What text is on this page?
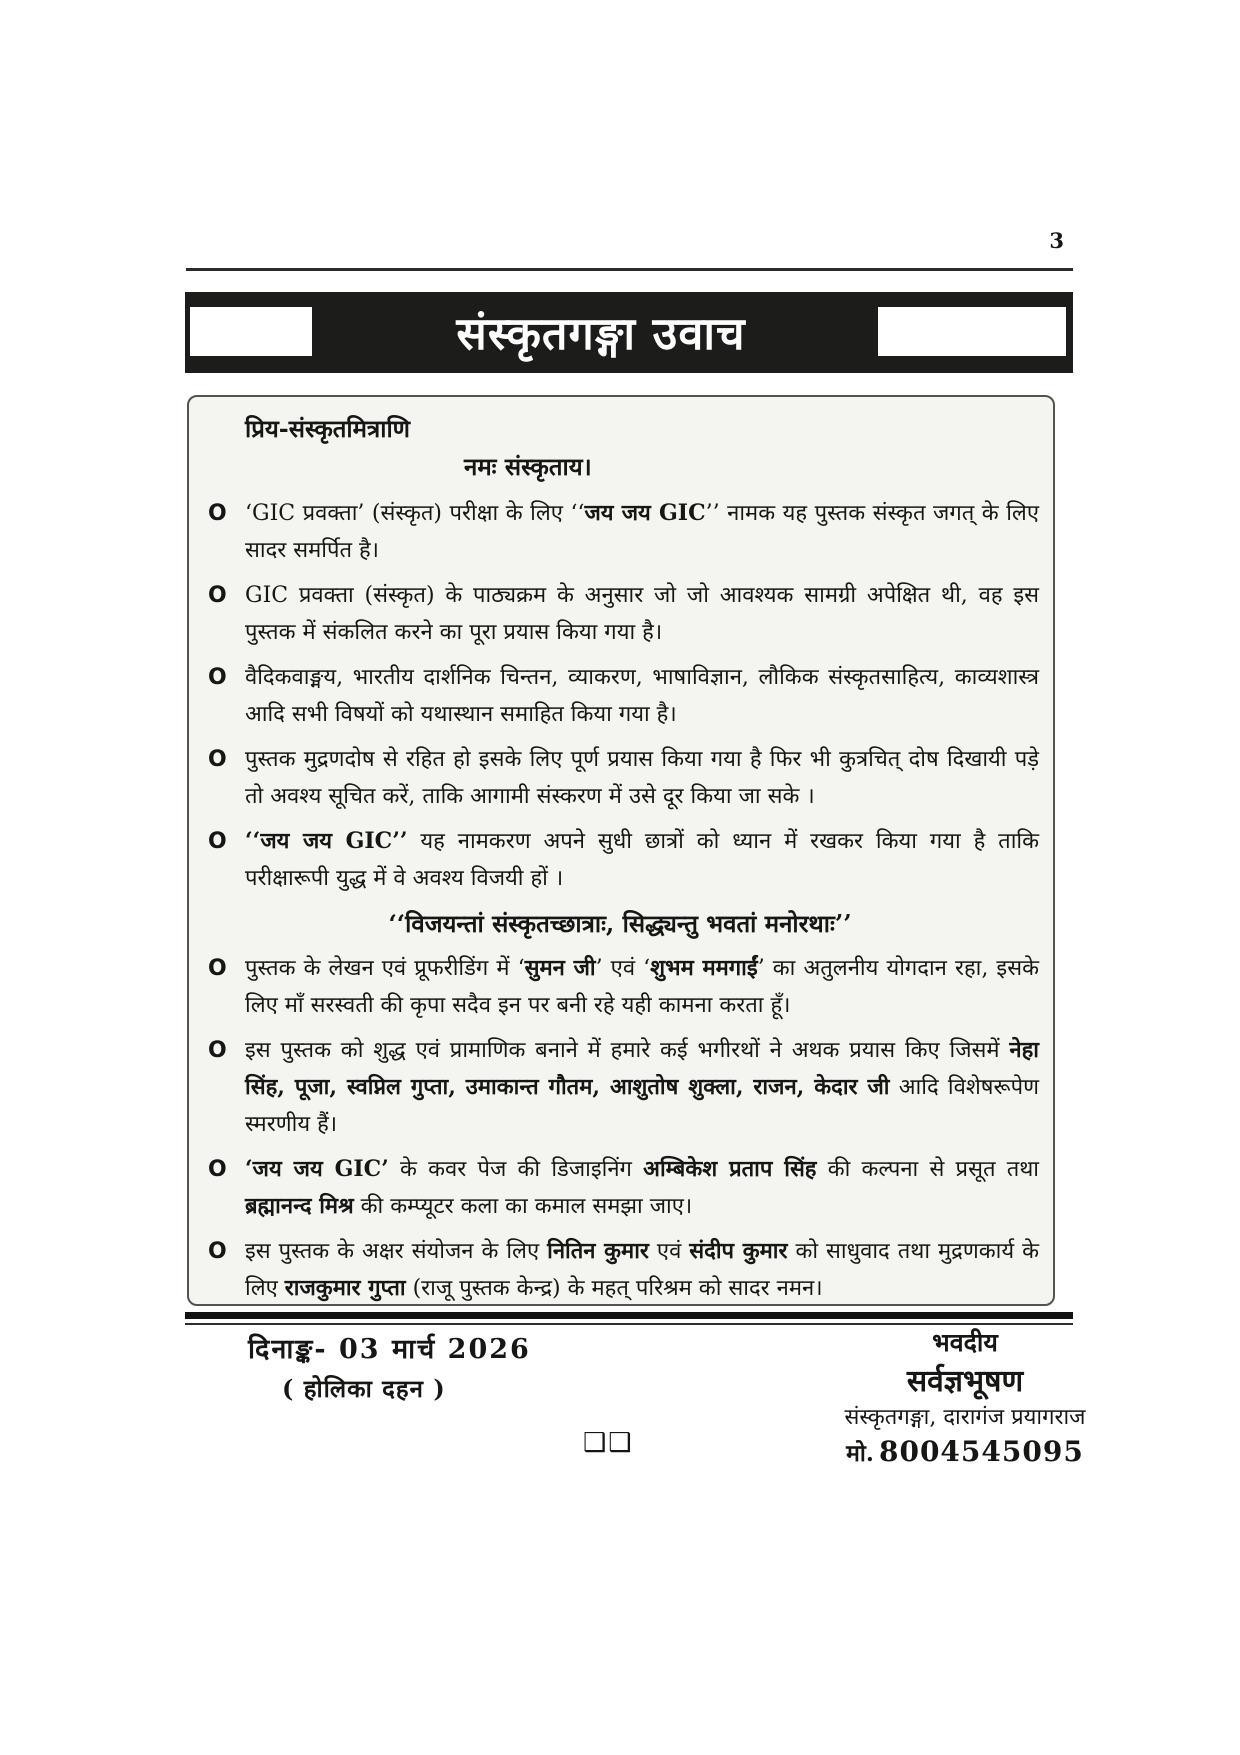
3
संस्कृतगङ्गा उवाच
प्रिय-संस्कृतमित्राणि
नमः संस्कृताय।
O ‘GIC प्रवक्ता’ (संस्कृत) परीक्षा के लिए ‘‘जय जय GIC’’ नामक यह पुस्तक संस्कृत जगत् के लिए सादर समर्पित है।
O GIC प्रवक्ता (संस्कृत) के पाठ्यक्रम के अनुसार जो जो आवश्यक सामग्री अपेक्षित थी, वह इस पुस्तक में संकलित करने का पूरा प्रयास किया गया है।
O वैदिकवाङ्मय, भारतीय दार्शनिक चिन्तन, व्याकरण, भाषाविज्ञान, लौकिक संस्कृतसाहित्य, काव्यशास्त्र आदि सभी विषयों को यथास्थान समाहित किया गया है।
O पुस्तक मुद्रणदोष से रहित हो इसके लिए पूर्ण प्रयास किया गया है फिर भी कुत्रचित् दोष दिखायी पड़े तो अवश्य सूचित करें, ताकि आगामी संस्करण में उसे दूर किया जा सके ।
O ‘‘जय जय GIC’’ यह नामकरण अपने सुधी छात्रों को ध्यान में रखकर किया गया है ताकि परीक्षारूपी युद्ध में वे अवश्य विजयी हों ।
‘‘विजयन्तां संस्कृतच्छात्राः, सिद्ध्यन्तु भवतां मनोरथाः’’
O पुस्तक के लेखन एवं प्रूफरीडिंग में ‘सुमन जी’ एवं ‘शुभम ममगाईं’ का अतुलनीय योगदान रहा, इसके लिए माँ सरस्वती की कृपा सदैव इन पर बनी रहे यही कामना करता हूँ।
O इस पुस्तक को शुद्ध एवं प्रामाणिक बनाने में हमारे कई भगीरथों ने अथक प्रयास किए जिसमें नेहा सिंह, पूजा, स्वप्निल गुप्ता, उमाकान्त गौतम, आशुतोष शुक्ला, राजन, केदार जी आदि विशेषरूपेण स्मरणीय हैं।
O ‘जय जय GIC’ के कवर पेज की डिजाइनिंग अम्बिकेश प्रताप सिंह की कल्पना से प्रसूत तथा ब्रह्मानन्द मिश्र की कम्प्यूटर कला का कमाल समझा जाए।
O इस पुस्तक के अक्षर संयोजन के लिए नितिन कुमार एवं संदीप कुमार को साधुवाद तथा मुद्रणकार्य के लिए राजकुमार गुप्ता (राजू पुस्तक केन्द्र) के महत् परिश्रम को सादर नमन।
दिनाङ्क- 03 मार्च 2026
( होलिका दहन )
भवदीय
सर्वज्ञभूषण
संस्कृतगङ्गा, दारागंज प्रयागराज
मो. 8004545095
❑❑
